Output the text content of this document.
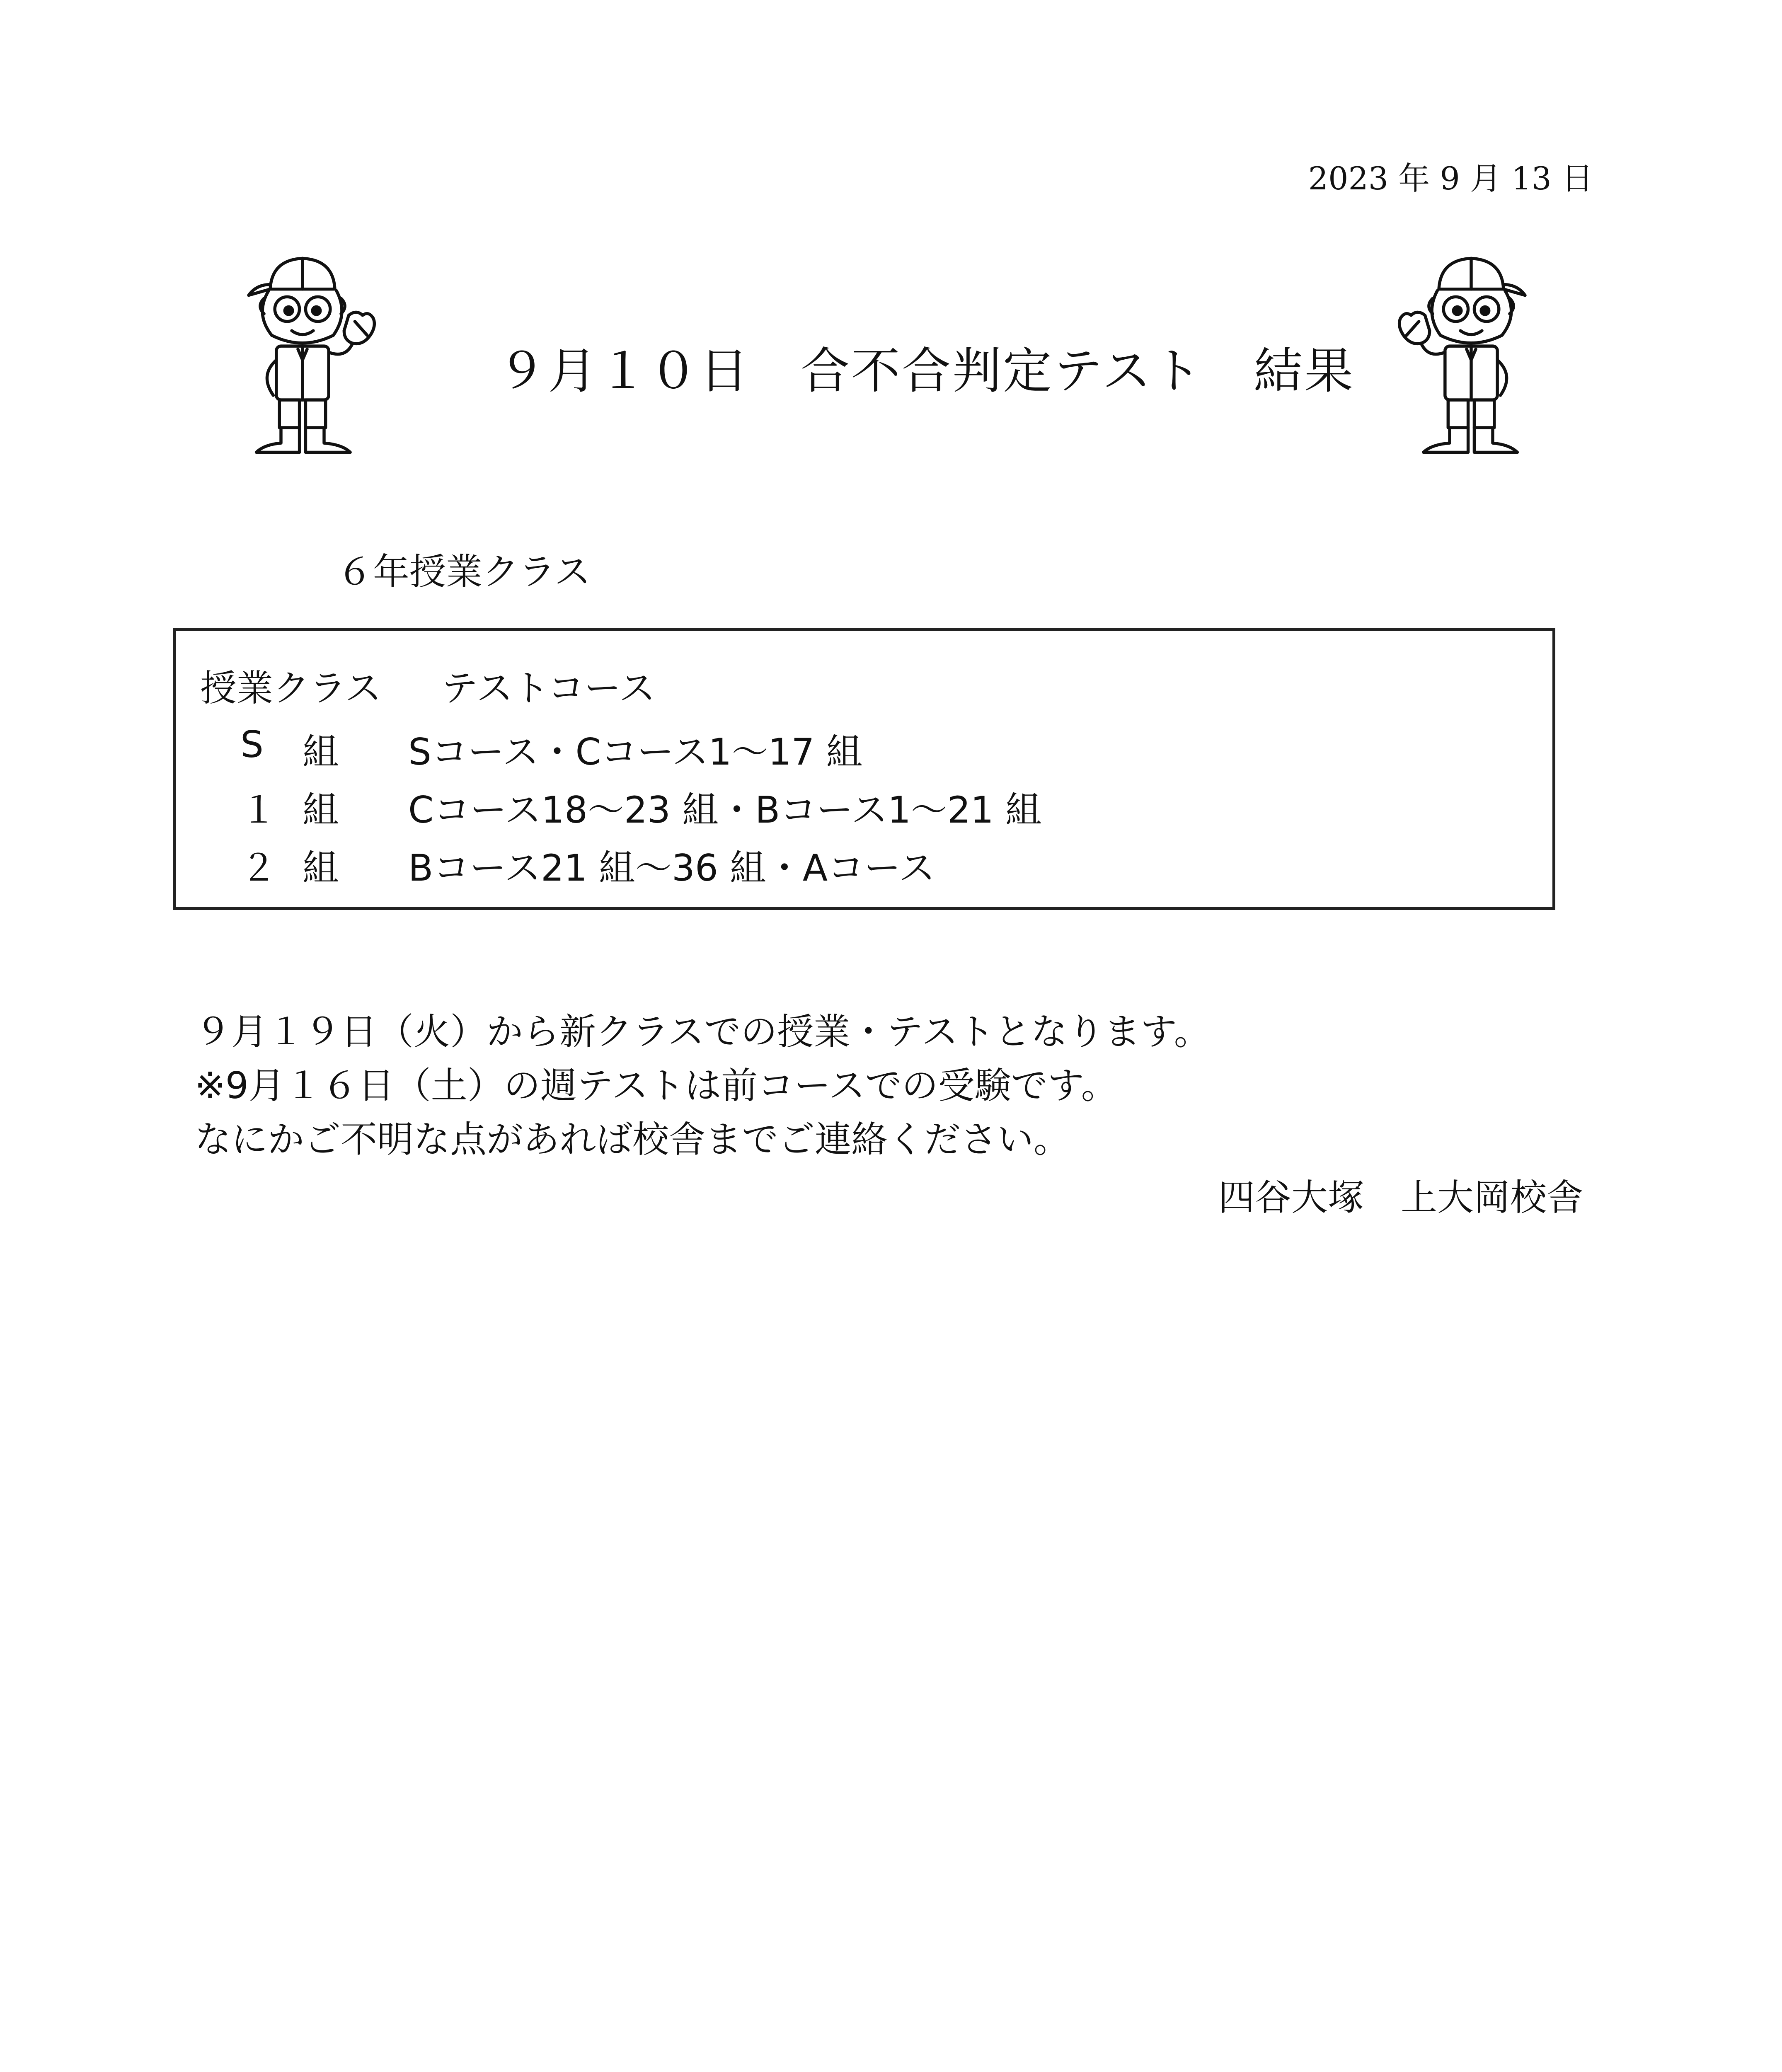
2023 年 9 月 13 日
９月１０日　合不合判定テスト　結果
６年授業クラス
授業クラス テストコース
S 組 Sコース・Cコース1～17 組
１ 組 Cコース18～23 組・Bコース1～21 組
２ 組 Bコース21 組～36 組・Aコース
９月１９日（火）から新クラスでの授業・テストとなります。
※9月１６日（土）の週テストは前コースでの受験です。
なにかご不明な点があれば校舎までご連絡ください。
四谷大塚　上大岡校舎
